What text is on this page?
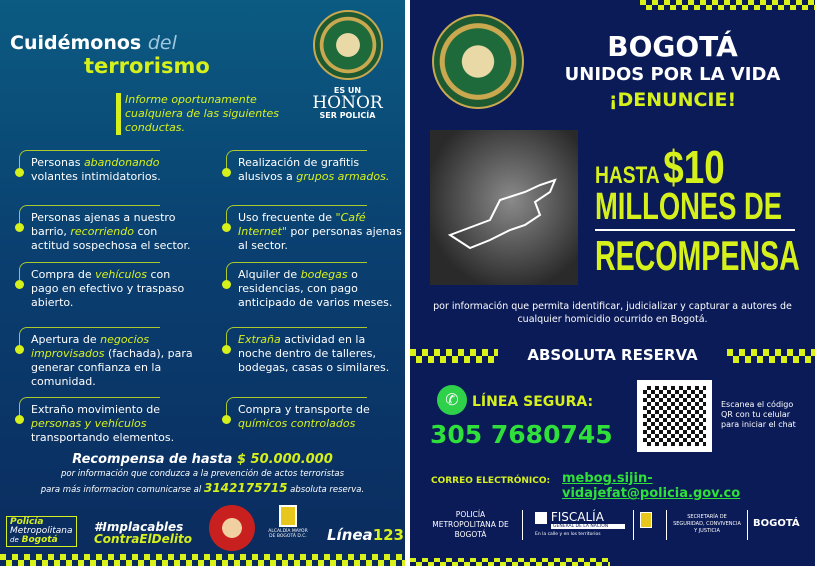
Cuidémonos del
terrorismo
ES UN
HONOR
SER POLICÍA
Informe oportunamente cualquiera de las siguientes conductas.
Personas abandonando volantes intimidatorios.
Realización de grafitis alusivos a grupos armados.
Personas ajenas a nuestro barrio, recorriendo con actitud sospechosa el sector.
Uso frecuente de "Café Internet" por personas ajenas al sector.
Compra de vehículos con pago en efectivo y traspaso abierto.
Alquiler de bodegas o residencias, con pago anticipado de varios meses.
Apertura de negocios improvisados (fachada), para generar confianza en la comunidad.
Extraña actividad en la noche dentro de talleres, bodegas, casas o similares.
Extraño movimiento de personas y vehículos transportando elementos.
Compra y transporte de químicos controlados
Recompensa de hasta $ 50.000.000
por información que conduzca a la prevención de actos terroristas
para más informacion comunicarse al 3142175715 absoluta reserva.
Policía
Metropolitana
de Bogotá
#Implacables
ContraElDelito
ALCALDÍA MAYOR DE BOGOTÁ D.C. Línea123
BOGOTÁ
UNIDOS POR LA VIDA
¡DENUNCIE!
HASTA $10
MILLONES DE
RECOMPENSA
por información que permita identificar, judicializar y capturar a autores de cualquier homicidio ocurrido en Bogotá.
ABSOLUTA RESERVA
✆ LÍNEA SEGURA:
305 7680745
Escanea el código QR con tu celular para iniciar el chat
CORREO ELECTRÓNICO: mebog.sijin-vidajefat@policia.gov.co
POLICÍA METROPOLITANA DE BOGOTÁ
FISCALÍA
GENERAL DE LA NACIÓN
En la calle y en los territorios
SECRETARÍA DE SEGURIDAD, CONVIVENCIA Y JUSTICIA
BOGOTÁ
